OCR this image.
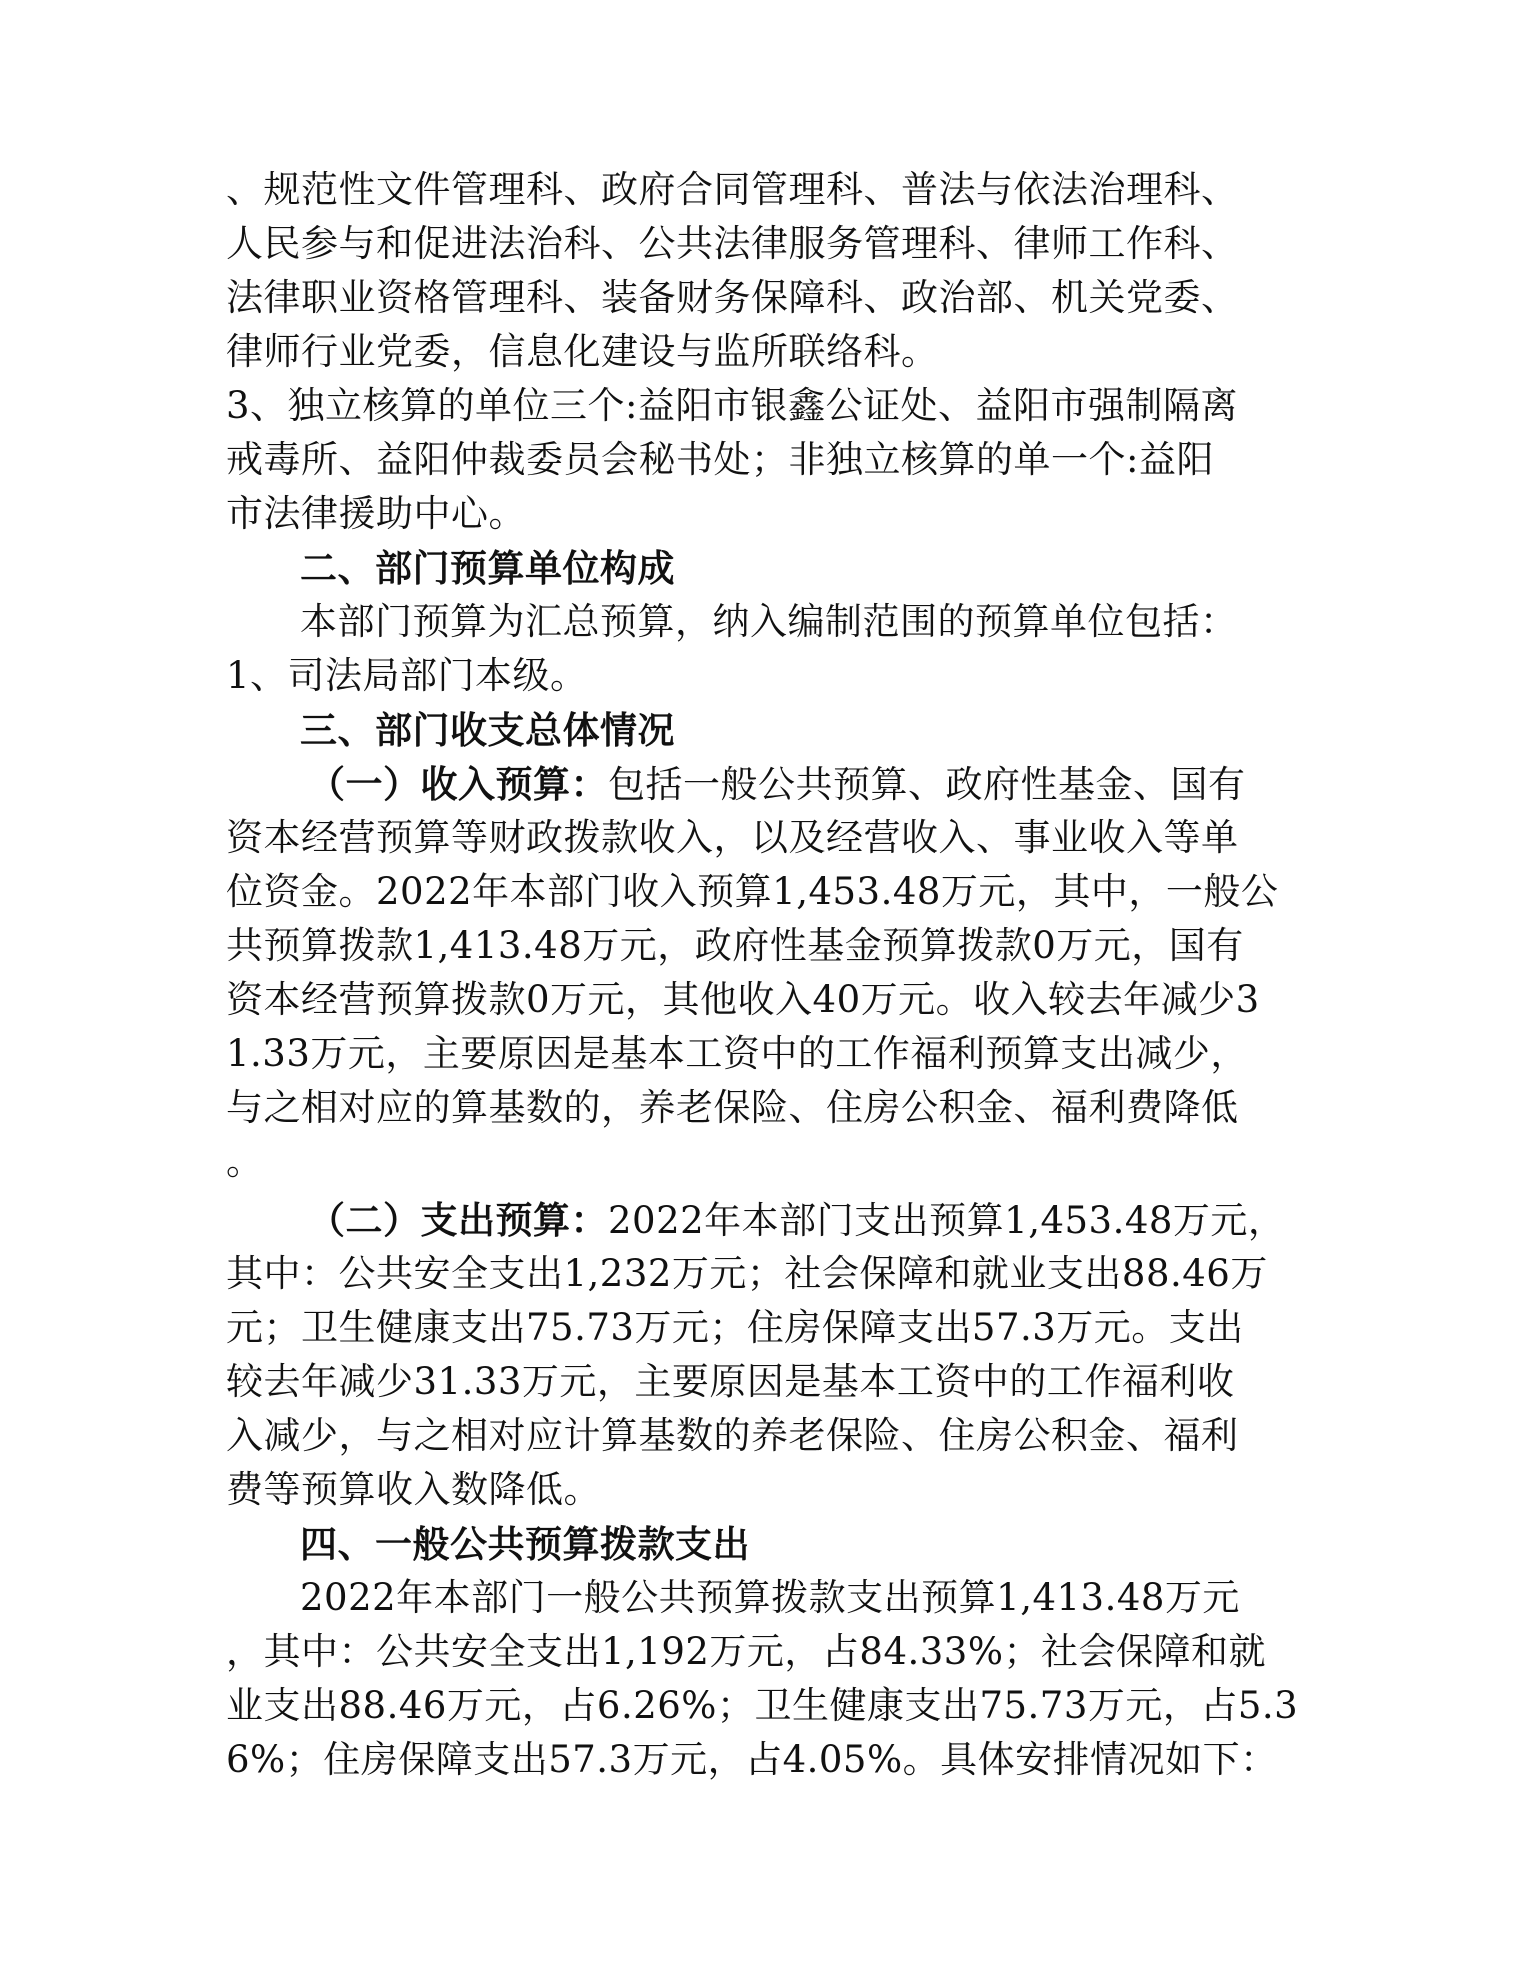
、规范性文件管理科、政府合同管理科、普法与依法治理科、
人民参与和促进法治科、公共法律服务管理科、律师工作科、
法律职业资格管理科、装备财务保障科、政治部、机关党委、
律师行业党委，信息化建设与监所联络科。
3、独立核算的单位三个:益阳市银鑫公证处、益阳市强制隔离
戒毒所、益阳仲裁委员会秘书处；非独立核算的单一个:益阳
市法律援助中心。
二、部门预算单位构成
本部门预算为汇总预算，纳入编制范围的预算单位包括：
1、司法局部门本级。
三、部门收支总体情况
（一）收入预算：包括一般公共预算、政府性基金、国有
资本经营预算等财政拨款收入，以及经营收入、事业收入等单
位资金。2022年本部门收入预算1,453.48万元，其中，一般公
共预算拨款1,413.48万元，政府性基金预算拨款0万元，国有
资本经营预算拨款0万元，其他收入40万元。收入较去年减少3
1.33万元，主要原因是基本工资中的工作福利预算支出减少，
与之相对应的算基数的，养老保险、住房公积金、福利费降低
。
（二）支出预算：2022年本部门支出预算1,453.48万元，
其中：公共安全支出1,232万元；社会保障和就业支出88.46万
元；卫生健康支出75.73万元；住房保障支出57.3万元。支出
较去年减少31.33万元，主要原因是基本工资中的工作福利收
入减少，与之相对应计算基数的养老保险、住房公积金、福利
费等预算收入数降低。
四、一般公共预算拨款支出
2022年本部门一般公共预算拨款支出预算1,413.48万元
，其中：公共安全支出1,192万元，占84.33%；社会保障和就
业支出88.46万元，占6.26%；卫生健康支出75.73万元，占5.3
6%；住房保障支出57.3万元，占4.05%。具体安排情况如下：
